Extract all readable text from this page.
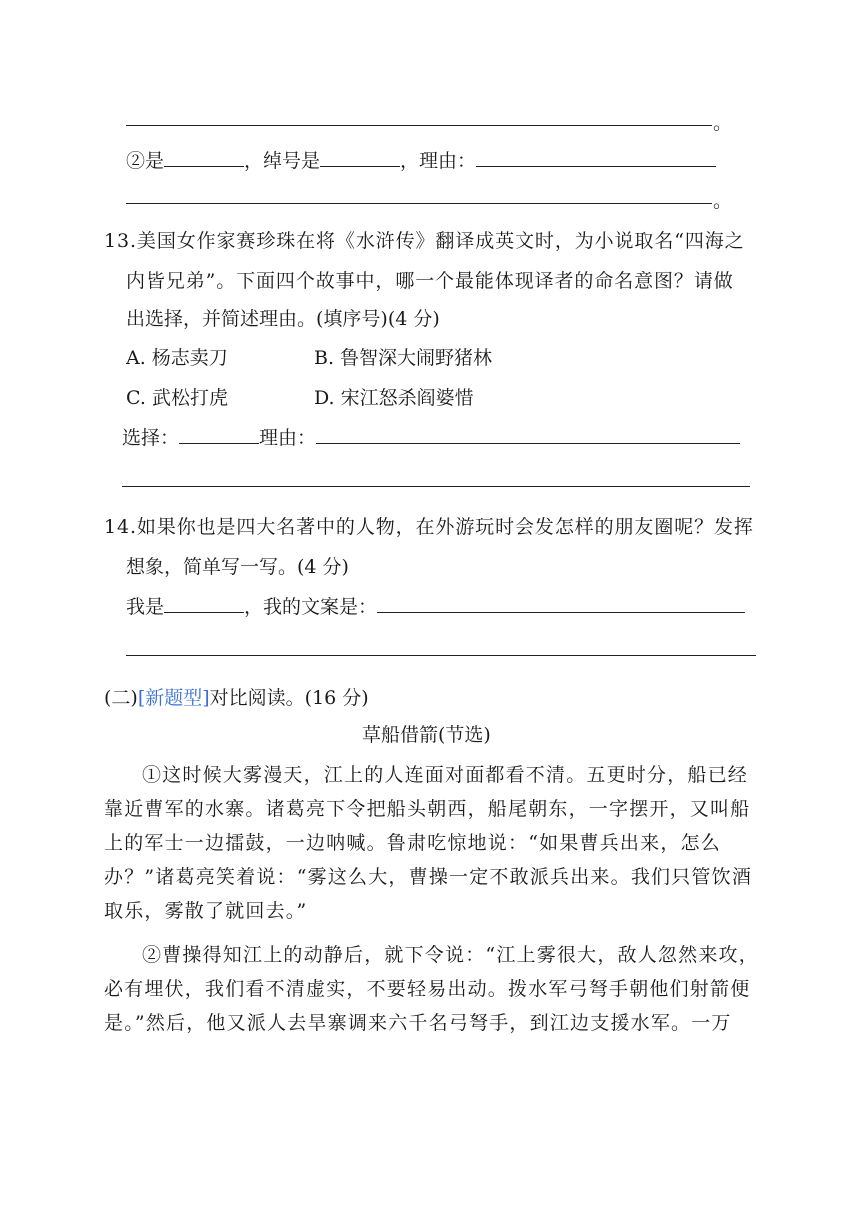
。
②是	，绰号是	，理由：
。
13.美国女作家赛珍珠在将《水浒传》翻译成英文时，为小说取名“四海之
内皆兄弟”。下面四个故事中，哪一个最能体现译者的命名意图？请做
出选择，并简述理由。(填序号)(4 分)
A. 杨志卖刀	B. 鲁智深大闹野猪林
C. 武松打虎	D. 宋江怒杀阎婆惜
选择：	理由：
14.如果你也是四大名著中的人物，在外游玩时会发怎样的朋友圈呢？发挥
想象，简单写一写。(4 分)
我是	，我的文案是：
(二)[新题型]对比阅读。(16 分)
草船借箭(节选)

①这时候大雾漫天，江上的人连面对面都看不清。五更时分，船已经靠近曹军的水寨。诸葛亮下令把船头朝西，船尾朝东，一字摆开，又叫船上的军士一边擂鼓，一边呐喊。鲁肃吃惊地说：“如果曹兵出来，怎么办？”诸葛亮笑着说：“雾这么大，曹操一定不敢派兵出来。我们只管饮酒取乐，雾散了就回去。”

②曹操得知江上的动静后，就下令说：“江上雾很大，敌人忽然来攻，必有埋伏，我们看不清虚实，不要轻易出动。拨水军弓弩手朝他们射箭便是。”然后，他又派人去旱寨调来六千名弓弩手，到江边支援水军。一万
